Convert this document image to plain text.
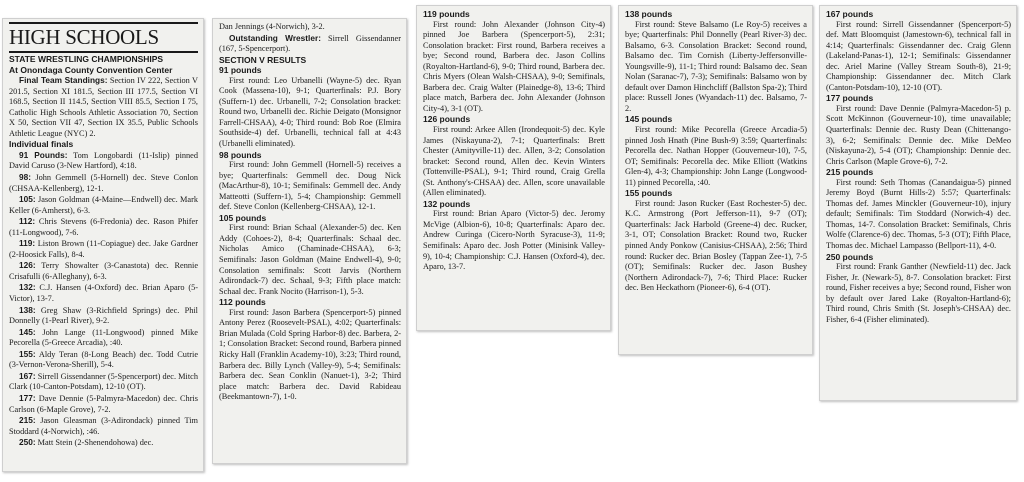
HIGH SCHOOLS
STATE WRESTLING CHAMPIONSHIPS
At Onondaga County Convention Center

Final Team Standings: Section IV 222, Section V 201.5, Section XI 181.5, Section III 177.5, Section VI 168.5, Section II 114.5, Section VIII 85.5, Section I 75, Catholic High Schools Athletic Association 70, Section X 50, Section VII 47, Section IX 35.5, Public Schools Athletic League (NYC) 2.

Individual finals

91 Pounds: Tom Longobardi (11-Islip) pinned David Caruso (3-New Hartford), 4:18.

98: John Gemmell (5-Hornell) dec. Steve Conlon (CHSAA-Kellenberg), 12-1.

105: Jason Goldman (4-Maine—Endwell) dec. Mark Keller (6-Amherst), 6-3.

112: Chris Stevens (6-Fredonia) dec. Rason Phifer (11-Longwood), 7-6.

119: Liston Brown (11-Copiague) dec. Jake Gardner (2-Hoosick Falls), 8-4.

126: Terry Showalter (3-Canastota) dec. Rennie Crisafulli (6-Alleghany), 6-3.

132: C.J. Hansen (4-Oxford) dec. Brian Aparo (5-Victor), 13-7.

138: Greg Shaw (3-Richfield Springs) dec. Phil Donnelly (1-Pearl River), 9-2.

145: John Lange (11-Longwood) pinned Mike Pecorella (5-Greece Arcadia), :40.

155: Aldy Teran (8-Long Beach) dec. Todd Cutrie (3-Vernon-Verona-Sherill), 5-4.

167: Sirrell Gissendanner (5-Spencerport) dec. Mitch Clark (10-Canton-Potsdam), 12-10 (OT).

177: Dave Dennie (5-Palmyra-Macedon) dec. Chris Carlson (6-Maple Grove), 7-2.

215: Jason Gleasman (3-Adirondack) pinned Tim Stoddard (4-Norwich), :46.

250: Matt Stein (2-Shenendohowa) dec.

Dan Jennings (4-Norwich), 3-2.

Outstanding Wrestler: Sirrell Gissendanner (167, 5-Spencerport).

SECTION V RESULTS
91 pounds

First round: Leo Urbanelli (Wayne-5) dec. Ryan Cook (Massena-10), 9-1; Quarterfinals: P.J. Bory (Suffern-1) dec. Urbanelli, 7-2; Consolation bracket: Round two, Urbanelli dec. Richie Deigato (Monsignor Farrell-CHSAA), 4-0; Third round: Bob Roe (Elmira Southside-4) def. Urbanelli, technical fall at 4:43 (Urbanelli eliminated).

98 pounds

First round: John Gemmell (Hornell-5) receives a bye; Quarterfinals: Gemmell dec. Doug Nick (MacArthur-8), 10-1; Semifinals: Gemmell dec. Andy Matteotti (Suffern-1), 5-4; Championship: Gemmell def. Steve Conlon (Kellenberg-CHSAA), 12-1.

105 pounds

First round: Brian Schaal (Alexander-5) dec. Ken Addy (Cohoes-2), 8-4; Quarterfinals: Schaal dec. Nicholas Amico (Chaminade-CHSAA), 6-3; Semifinals: Jason Goldman (Maine Endwell-4), 9-0; Consolation semifinals: Scott Jarvis (Northern Adirondack-7) dec. Schaal, 9-3; Fifth place match: Schaal dec. Frank Nocito (Harrison-1), 5-3.

112 pounds

First round: Jason Barbera (Spencerport-5) pinned Antony Perez (Roosevelt-PSAL), 4:02; Quarterfinals: Brian Mulada (Cold Spring Harbor-8) dec. Barbera, 2-1; Consolation Bracket: Second round, Barbera pinned Ricky Hall (Franklin Academy-10), 3:23; Third round, Barbera dec. Billy Lynch (Valley-9), 5-4; Semifinals: Barbera dec. Sean Conklin (Nanuet-1), 3-2; Third place match: Barbera dec. David Rabideau (Beekmantown-7), 1-0.

119 pounds

First round: John Alexander (Johnson City-4) pinned Joe Barbera (Spencerport-5), 2:31; Consolation bracket: First round, Barbera receives a bye; Second round, Barbera dec. Jason Collins (Royalton-Hartland-6), 9-0; Third round, Barbera dec. Chris Myers (Olean Walsh-CHSAA), 9-0; Semifinals, Barbera dec. Craig Walter (Plainedge-8), 13-6; Third place match, Barbera dec. John Alexander (Johnson City-4), 3-1 (OT).

126 pounds

First round: Arkee Allen (Irondequoit-5) dec. Kyle James (Niskayuna-2), 7-1; Quarterfinals: Brett Chester (Amityville-11) dec. Allen, 3-2; Consolation bracket: Second round, Allen dec. Kevin Winters (Tottenville-PSAL), 9-1; Third round, Craig Grella (St. Anthony's-CHSAA) dec. Allen, score unavailable (Allen eliminated).

132 pounds

First round: Brian Aparo (Victor-5) dec. Jeromy McVige (Albion-6), 10-8; Quarterfinals: Aparo dec. Andrew Curinga (Cicero-North Syracuse-3), 11-9; Semifinals: Aparo dec. Josh Potter (Minisink Valley-9), 10-4; Championship: C.J. Hansen (Oxford-4), dec. Aparo, 13-7.

138 pounds

First round: Steve Balsamo (Le Roy-5) receives a bye; Quarterfinals: Phil Donnelly (Pearl River-3) dec. Balsamo, 6-3. Consolation Bracket: Second round, Balsamo dec. Tim Cornish (Liberty-Jeffersonville-Youngsville-9), 11-1; Third round: Balsamo dec. Sean Nolan (Saranac-7), 7-3); Semifinals: Balsamo won by default over Damon Hinchcliff (Ballston Spa-2); Third place: Russell Jones (Wyandach-11) dec. Balsamo, 7-2.

145 pounds

First round: Mike Pecorella (Greece Arcadia-5) pinned Josh Hnath (Pine Bush-9) 3:59; Quarterfinals: Pecorella dec. Nathan Hopper (Gouverneur-10), 7-5, OT; Semifinals: Pecorella dec. Mike Elliott (Watkins Glen-4), 4-3; Championship: John Lange (Longwood-11) pinned Pecorella, :40.

155 pounds

First round: Jason Rucker (East Rochester-5) dec. K.C. Armstrong (Port Jefferson-11), 9-7 (OT); Quarterfinals: Jack Harbold (Greene-4) dec. Rucker, 3-1, OT; Consolation Bracket: Round two, Rucker pinned Andy Ponkow (Canisius-CHSAA), 2:56; Third round: Rucker dec. Brian Bosley (Tappan Zee-1), 7-5 (OT); Semifinals: Rucker dec. Jason Bushey (Northern Adirondack-7), 7-6; Third Place: Rucker dec. Ben Heckathorn (Pioneer-6), 6-4 (OT).

167 pounds

First round: Sirrell Gissendanner (Spencerport-5) def. Matt Bloomquist (Jamestown-6), technical fall in 4:14; Quarterfinals: Gissendanner dec. Craig Glenn (Lakeland-Panas-1), 12-1; Semifinals: Gissendanner dec. Ariel Marine (Valley Stream South-8), 21-9; Championship: Gissendanner dec. Mitch Clark (Canton-Potsdam-10), 12-10 (OT).

177 pounds

First round: Dave Dennie (Palmyra-Macedon-5) p. Scott McKinnon (Gouverneur-10), time unavailable; Quarterfinals: Dennie dec. Rusty Dean (Chittenango-3), 6-2; Semifinals: Dennie dec. Mike DeMeo (Niskayuna-2), 5-4 (OT); Championship: Dennie dec. Chris Carlson (Maple Grove-6), 7-2.

215 pounds

First round: Seth Thomas (Canandaigua-5) pinned Jeremy Boyd (Burnt Hills-2) 5:57; Quarterfinals: Thomas def. James Minckler (Gouverneur-10), injury default; Semifinals: Tim Stoddard (Norwich-4) dec. Thomas, 14-7. Consolation Bracket: Semifinals, Chris Wolfe (Clarence-6) dec. Thomas, 5-3 (OT); Fifth Place, Thomas dec. Michael Lampasso (Bellport-11), 4-0.

250 pounds

First round: Frank Ganther (Newfield-11) dec. Jack Fisher, Jr. (Newark-5), 8-7. Consolation bracket: First round, Fisher receives a bye; Second round, Fisher won by default over Jared Lake (Royalton-Hartland-6); Third round, Chris Smith (St. Joseph's-CHSAA) dec. Fisher, 6-4 (Fisher eliminated).
